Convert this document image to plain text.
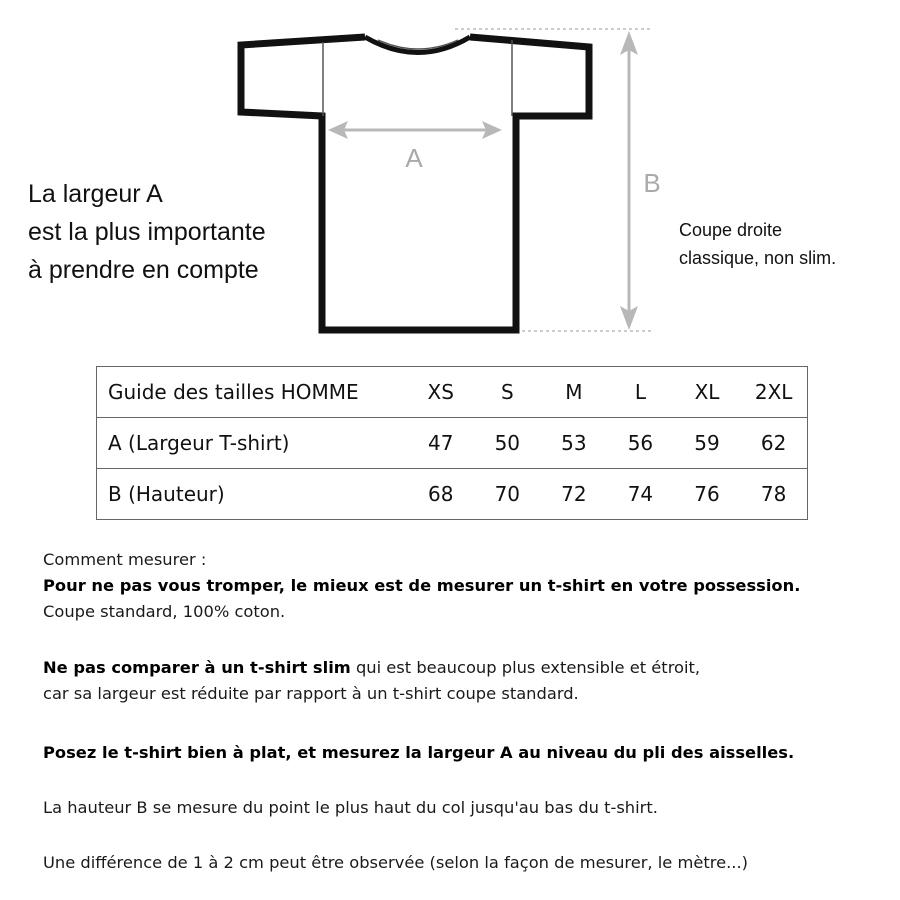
A
B
La largeur A
est la plus importante
à prendre en compte
Coupe droite
classique, non slim.
Guide des tailles HOMME	XS	S	M	L	XL	2XL
A (Largeur T-shirt)	47	50	53	56	59	62
B (Hauteur)	68	70	72	74	76	78
Comment mesurer :
Pour ne pas vous tromper, le mieux est de mesurer un t-shirt en votre possession.
Coupe standard, 100% coton.
Ne pas comparer à un t-shirt slim qui est beaucoup plus extensible et étroit,
car sa largeur est réduite par rapport à un t-shirt coupe standard.
Posez le t-shirt bien à plat, et mesurez la largeur A au niveau du pli des aisselles.
La hauteur B se mesure du point le plus haut du col jusqu'au bas du t-shirt.
Une différence de 1 à 2 cm peut être observée (selon la façon de mesurer, le mètre...)
